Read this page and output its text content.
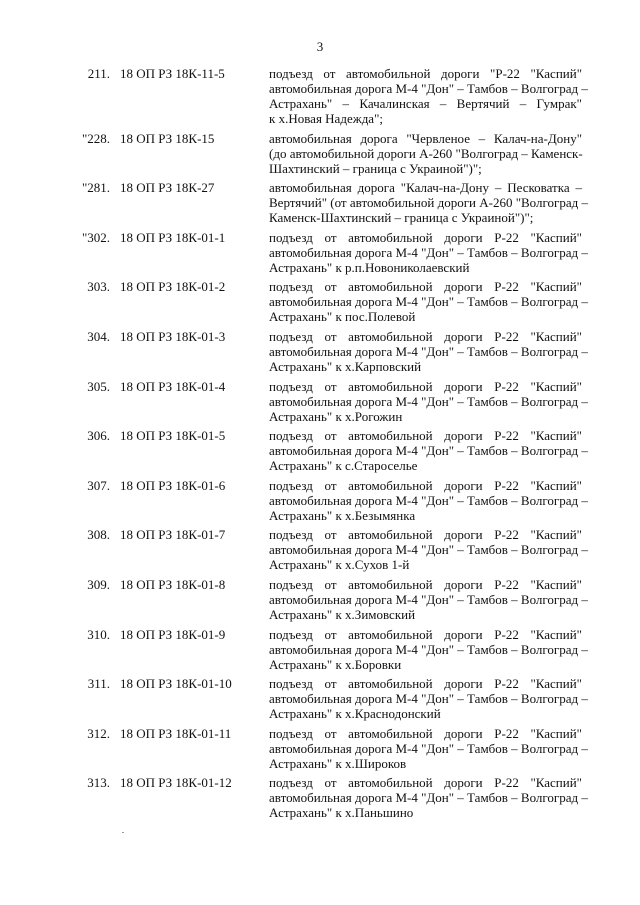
3
211. 18 ОП РЗ 18К-11-5	подъезд от автомобильной дороги "Р-22 "Каспий"
автомобильная дорога М-4 "Дон" – Тамбов – Волгоград –
Астрахань" – Качалинская – Вертячий – Гумрак"
к х.Новая Надежда";
"228. 18 ОП РЗ 18К-15	автомобильная дорога "Червленое – Калач-на-Дону"
(до автомобильной дороги А-260 "Волгоград – Каменск-
Шахтинский – граница с Украиной")";
"281. 18 ОП РЗ 18К-27	автомобильная дорога "Калач-на-Дону – Песковатка –
Вертячий" (от автомобильной дороги А-260 "Волгоград –
Каменск-Шахтинский – граница с Украиной")";
"302. 18 ОП РЗ 18К-01-1	подъезд от автомобильной дороги Р-22 "Каспий"
автомобильная дорога М-4 "Дон" – Тамбов – Волгоград –
Астрахань" к р.п.Новониколаевский
303. 18 ОП РЗ 18К-01-2	подъезд от автомобильной дороги Р-22 "Каспий"
автомобильная дорога М-4 "Дон" – Тамбов – Волгоград –
Астрахань" к пос.Полевой
304. 18 ОП РЗ 18К-01-3	подъезд от автомобильной дороги Р-22 "Каспий"
автомобильная дорога М-4 "Дон" – Тамбов – Волгоград –
Астрахань" к х.Карповский
305. 18 ОП РЗ 18К-01-4	подъезд от автомобильной дороги Р-22 "Каспий"
автомобильная дорога М-4 "Дон" – Тамбов – Волгоград –
Астрахань" к х.Рогожин
306. 18 ОП РЗ 18К-01-5	подъезд от автомобильной дороги Р-22 "Каспий"
автомобильная дорога М-4 "Дон" – Тамбов – Волгоград –
Астрахань" к с.Староселье
307. 18 ОП РЗ 18К-01-6	подъезд от автомобильной дороги Р-22 "Каспий"
автомобильная дорога М-4 "Дон" – Тамбов – Волгоград –
Астрахань" к х.Безымянка
308. 18 ОП РЗ 18К-01-7	подъезд от автомобильной дороги Р-22 "Каспий"
автомобильная дорога М-4 "Дон" – Тамбов – Волгоград –
Астрахань" к х.Сухов 1-й
309. 18 ОП РЗ 18К-01-8	подъезд от автомобильной дороги Р-22 "Каспий"
автомобильная дорога М-4 "Дон" – Тамбов – Волгоград –
Астрахань" к х.Зимовский
310. 18 ОП РЗ 18К-01-9	подъезд от автомобильной дороги Р-22 "Каспий"
автомобильная дорога М-4 "Дон" – Тамбов – Волгоград –
Астрахань" к х.Боровки
311. 18 ОП РЗ 18К-01-10	подъезд от автомобильной дороги Р-22 "Каспий"
автомобильная дорога М-4 "Дон" – Тамбов – Волгоград –
Астрахань" к х.Краснодонский
312. 18 ОП РЗ 18К-01-11	подъезд от автомобильной дороги Р-22 "Каспий"
автомобильная дорога М-4 "Дон" – Тамбов – Волгоград –
Астрахань" к х.Широков
313. 18 ОП РЗ 18К-01-12	подъезд от автомобильной дороги Р-22 "Каспий"
автомобильная дорога М-4 "Дон" – Тамбов – Волгоград –
Астрахань" к х.Паньшино
